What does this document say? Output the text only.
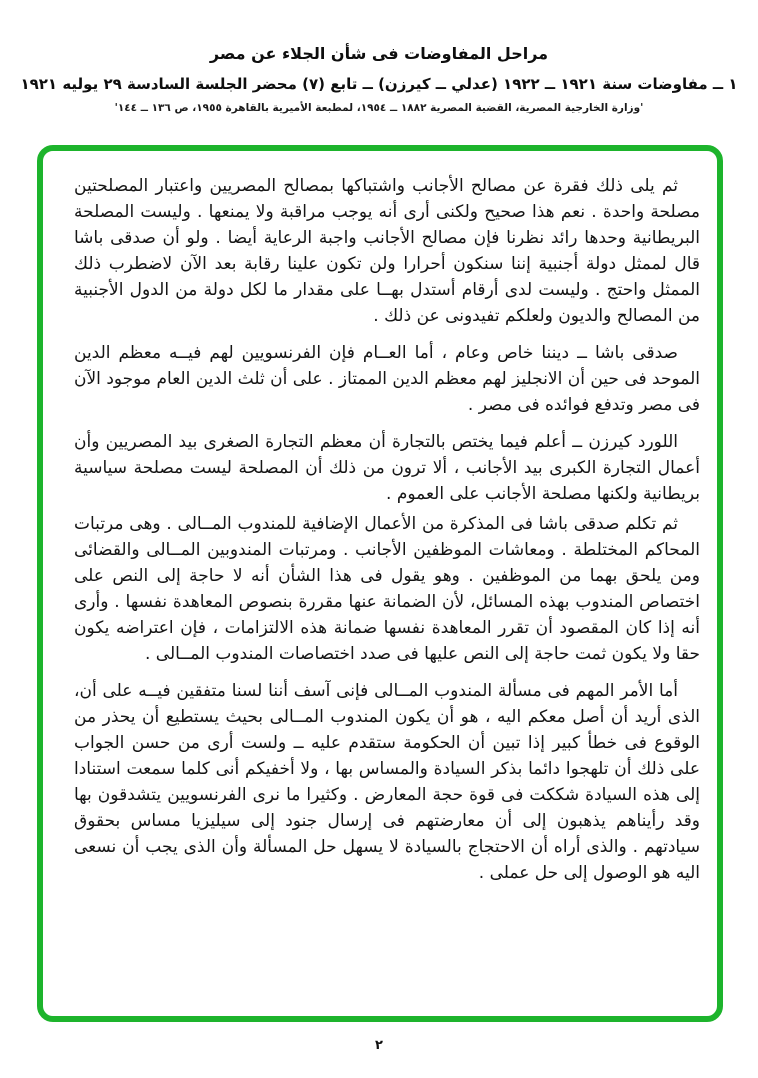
مراحل المفاوضات فى شأن الجلاء عن مصر
١ ــ مفاوضات سنة ١٩٢١ ــ ١٩٢٢ (عدلي ــ كيرزن) ــ تابع (٧) محضر الجلسة السادسة ٢٩ يوليه ١٩٢١
'وزارة الخارجية المصرية، القضية المصرية ١٨٨٢ ــ ١٩٥٤، لمطبعة الأميرية بالقاهرة ١٩٥٥، ص ١٣٦ ــ ١٤٤'

ثم يلى ذلك فقرة عن مصالح الأجانب واشتباكها بمصالح المصريين واعتبار المصلحتين مصلحة واحدة . نعم هذا صحيح ولكنى أرى أنه يوجب مراقبة ولا يمنعها . وليست المصلحة البريطانية وحدها رائد نظرنا فإن مصالح الأجانب واجبة الرعاية أيضا . ولو أن صدقى باشا قال لممثل دولة أجنبية إننا سنكون أحرارا ولن تكون علينا رقابة بعد الآن لاضطرب ذلك الممثل واحتج . وليست لدى أرقام أستدل بهــا على مقدار ما لكل دولة من الدول الأجنبية من المصالح والديون ولعلكم تفيدونى عن ذلك .

صدقى باشا ــ ديننا خاص وعام ، أما العــام فإن الفرنسويين لهم فيــه معظم الدين الموحد فى حين أن الانجليز لهم معظم الدين الممتاز . على أن ثلث الدين العام موجود الآن فى مصر وتدفع فوائده فى مصر .

اللورد كيرزن ــ أعلم فيما يختص بالتجارة أن معظم التجارة الصغرى بيد المصريين وأن أعمال التجارة الكبرى بيد الأجانب ، ألا ترون من ذلك أن المصلحة ليست مصلحة سياسية بريطانية ولكنها مصلحة الأجانب على العموم .

ثم تكلم صدقى باشا فى المذكرة من الأعمال الإضافية للمندوب المــالى . وهى مرتبات المحاكم المختلطة . ومعاشات الموظفين الأجانب . ومرتبات المندوبين المــالى والقضائى ومن يلحق بهما من الموظفين . وهو يقول فى هذا الشأن أنه لا حاجة إلى النص على اختصاص المندوب بهذه المسائل، لأن الضمانة عنها مقررة بنصوص المعاهدة نفسها . وأرى أنه إذا كان المقصود أن تقرر المعاهدة نفسها ضمانة هذه الالتزامات ، فإن اعتراضه يكون حقا ولا يكون ثمت حاجة إلى النص عليها فى صدد اختصاصات المندوب المــالى .

أما الأمر المهم فى مسألة المندوب المــالى فإنى آسف أننا لسنا متفقين فيــه على أن، الذى أريد أن أصل معكم اليه ، هو أن يكون المندوب المــالى بحيث يستطيع أن يحذر من الوقوع فى خطأ كبير إذا تبين أن الحكومة ستقدم عليه ــ ولست أرى من حسن الجواب على ذلك أن تلهجوا دائما بذكر السيادة والمساس بها ، ولا أخفيكم أنى كلما سمعت استنادا إلى هذه السيادة شككت فى قوة حجة المعارض . وكثيرا ما نرى الفرنسويين يتشدقون بها وقد رأيناهم يذهبون إلى أن معارضتهم فى إرسال جنود إلى سيليزيا مساس بحقوق سيادتهم . والذى أراه أن الاحتجاج بالسيادة لا يسهل حل المسألة وأن الذى يجب أن نسعى اليه هو الوصول إلى حل عملى .

٢
